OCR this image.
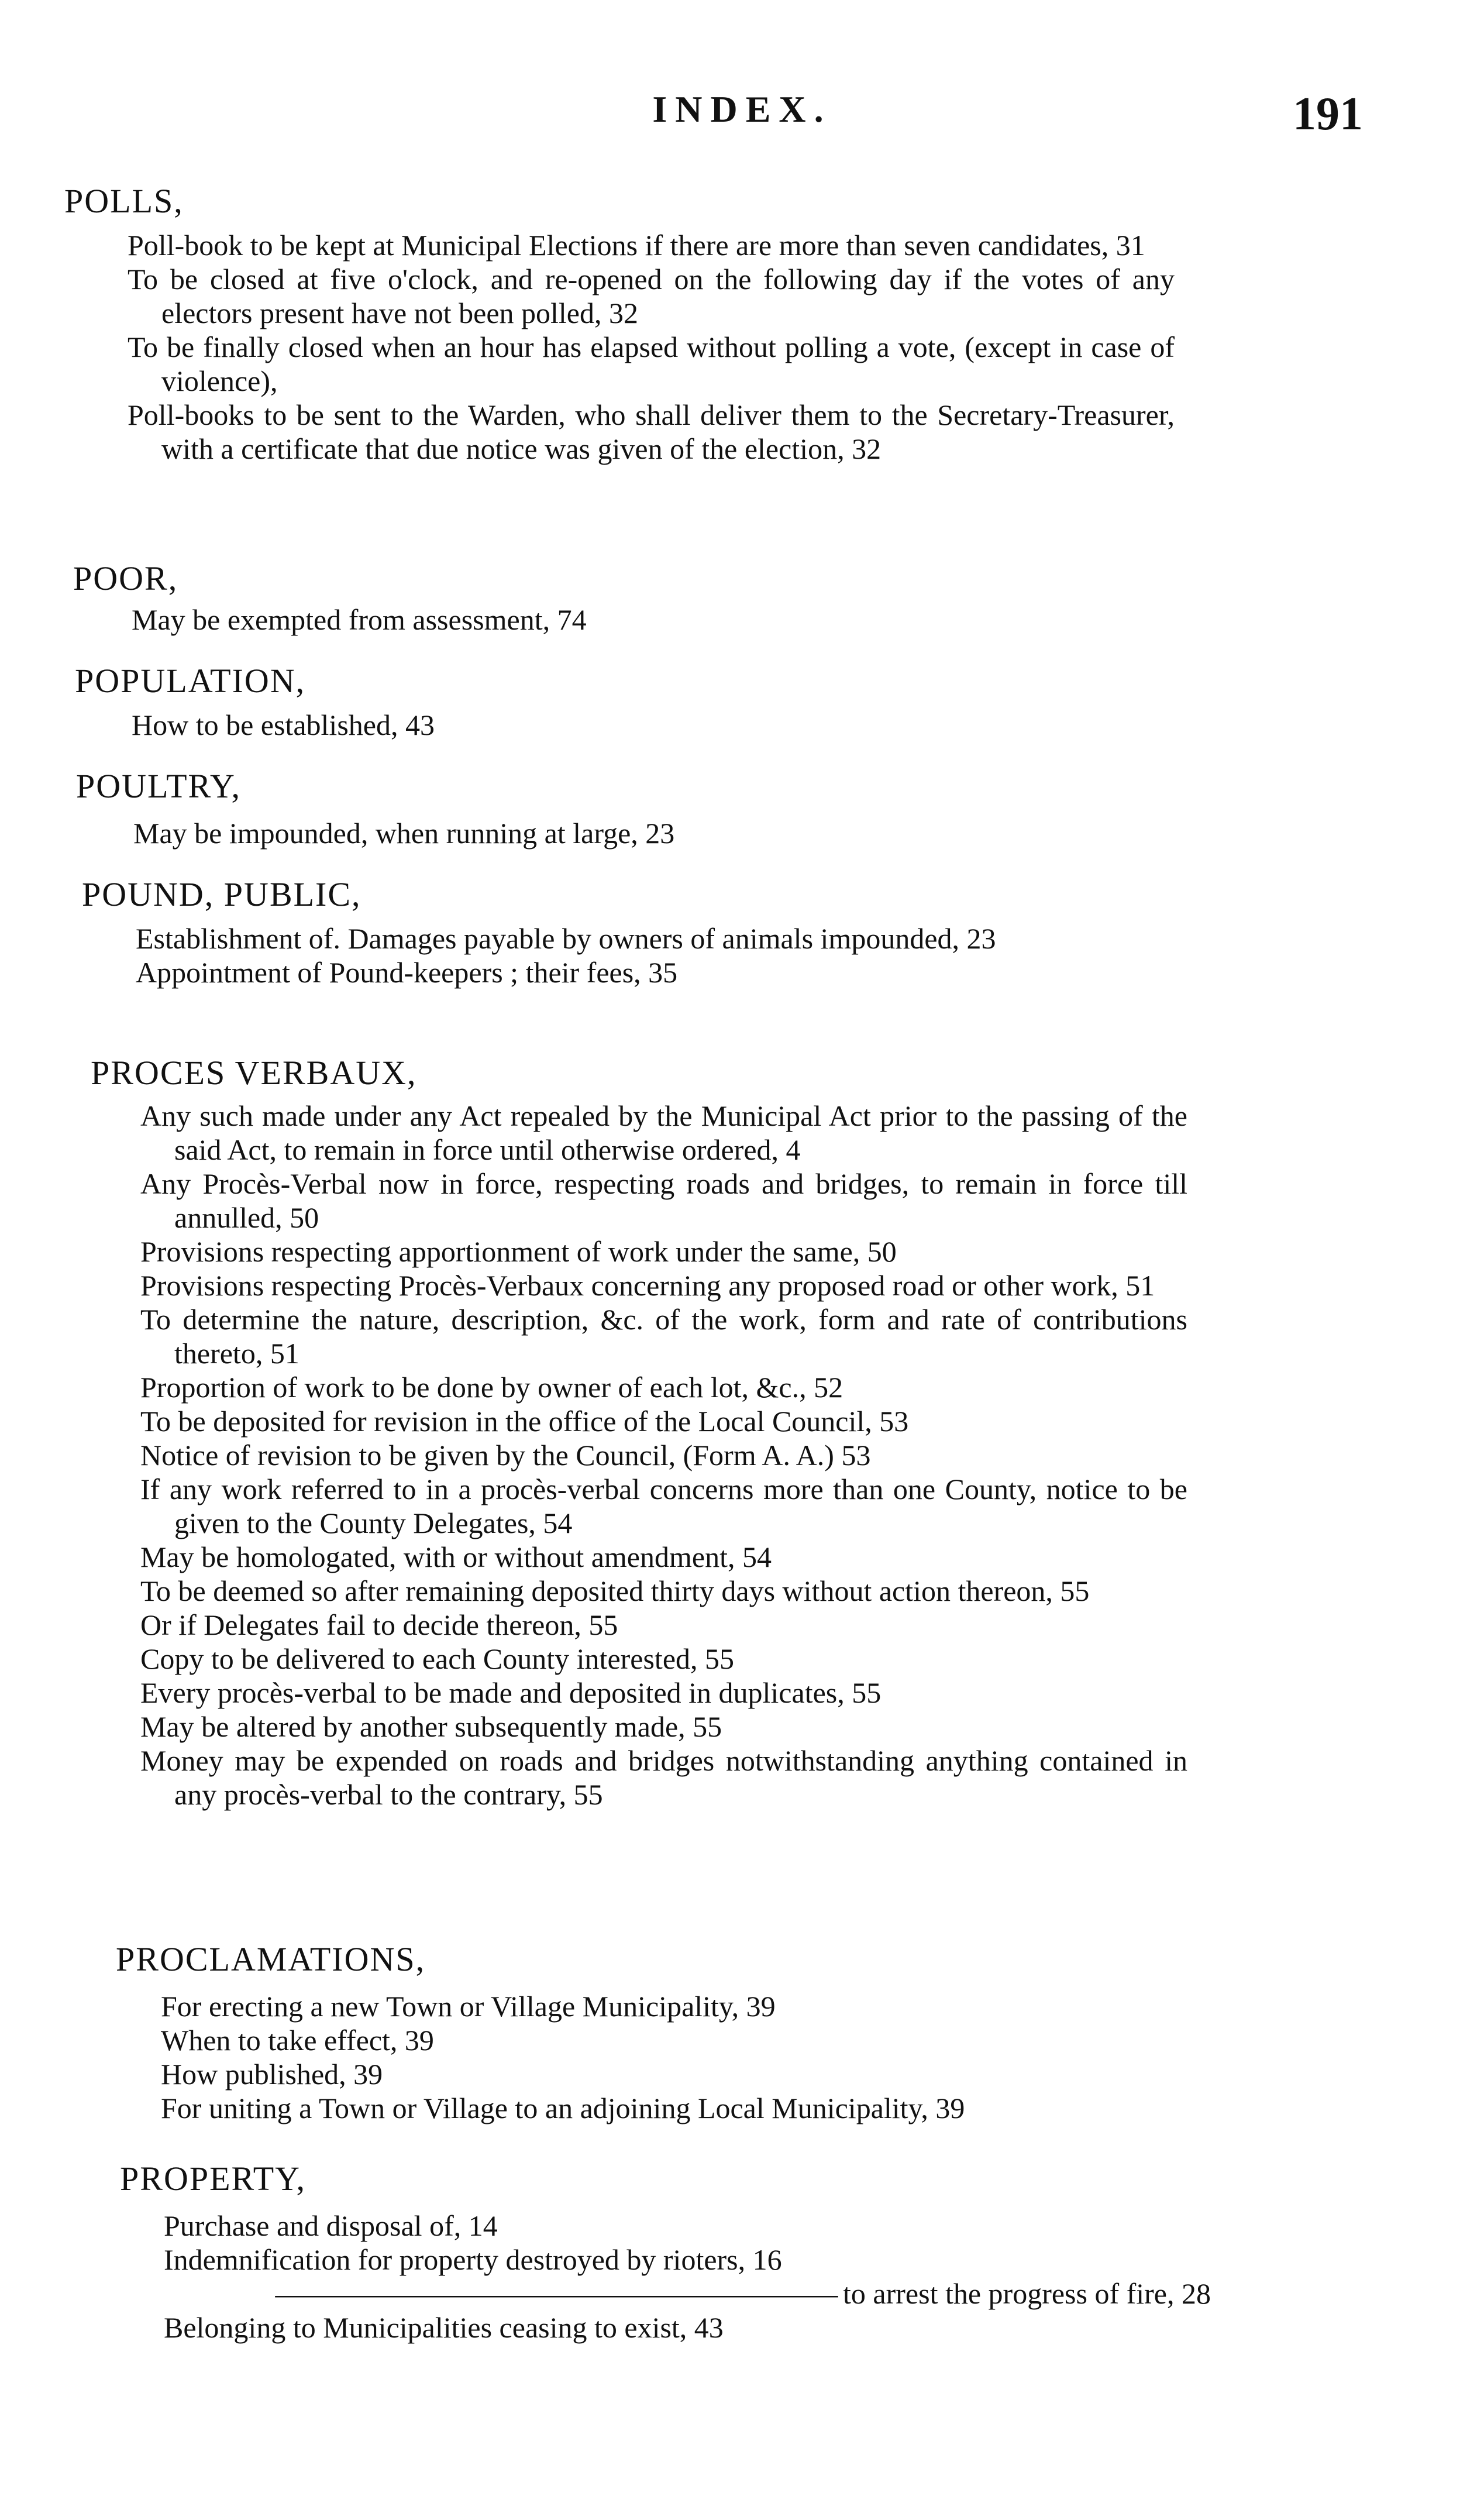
INDEX.	191
POLLS,
Poll-book to be kept at Municipal Elections if there are more than seven candidates, 31
To be closed at five o'clock, and re-opened on the following day if the votes of any electors present have not been polled, 32
To be finally closed when an hour has elapsed without polling a vote, (except in case of violence),
Poll-books to be sent to the Warden, who shall deliver them to the Secretary-Treasurer, with a certificate that due notice was given of the election, 32
POOR,
May be exempted from assessment, 74
POPULATION,
How to be established, 43
POULTRY,
May be impounded, when running at large, 23
POUND, PUBLIC,
Establishment of. Damages payable by owners of animals impounded, 23
Appointment of Pound-keepers ; their fees, 35
PROCES VERBAUX,
Any such made under any Act repealed by the Municipal Act prior to the passing of the said Act, to remain in force until otherwise ordered, 4
Any Procès-Verbal now in force, respecting roads and bridges, to remain in force till annulled, 50
Provisions respecting apportionment of work under the same, 50
Provisions respecting Procès-Verbaux concerning any proposed road or other work, 51
To determine the nature, description, &c. of the work, form and rate of contributions thereto, 51
Proportion of work to be done by owner of each lot, &c., 52
To be deposited for revision in the office of the Local Council, 53
Notice of revision to be given by the Council, (Form A. A.) 53
If any work referred to in a procès-verbal concerns more than one County, notice to be given to the County Delegates, 54
May be homologated, with or without amendment, 54
To be deemed so after remaining deposited thirty days without action thereon, 55
Or if Delegates fail to decide thereon, 55
Copy to be delivered to each County interested, 55
Every procès-verbal to be made and deposited in duplicates, 55
May be altered by another subsequently made, 55
Money may be expended on roads and bridges notwithstanding anything contained in any procès-verbal to the contrary, 55
PROCLAMATIONS,
For erecting a new Town or Village Municipality, 39
When to take effect, 39
How published, 39
For uniting a Town or Village to an adjoining Local Municipality, 39
PROPERTY,
Purchase and disposal of, 14
Indemnification for property destroyed by rioters, 16
———————————————————— to arrest the progress of fire, 28
Belonging to Municipalities ceasing to exist, 43
